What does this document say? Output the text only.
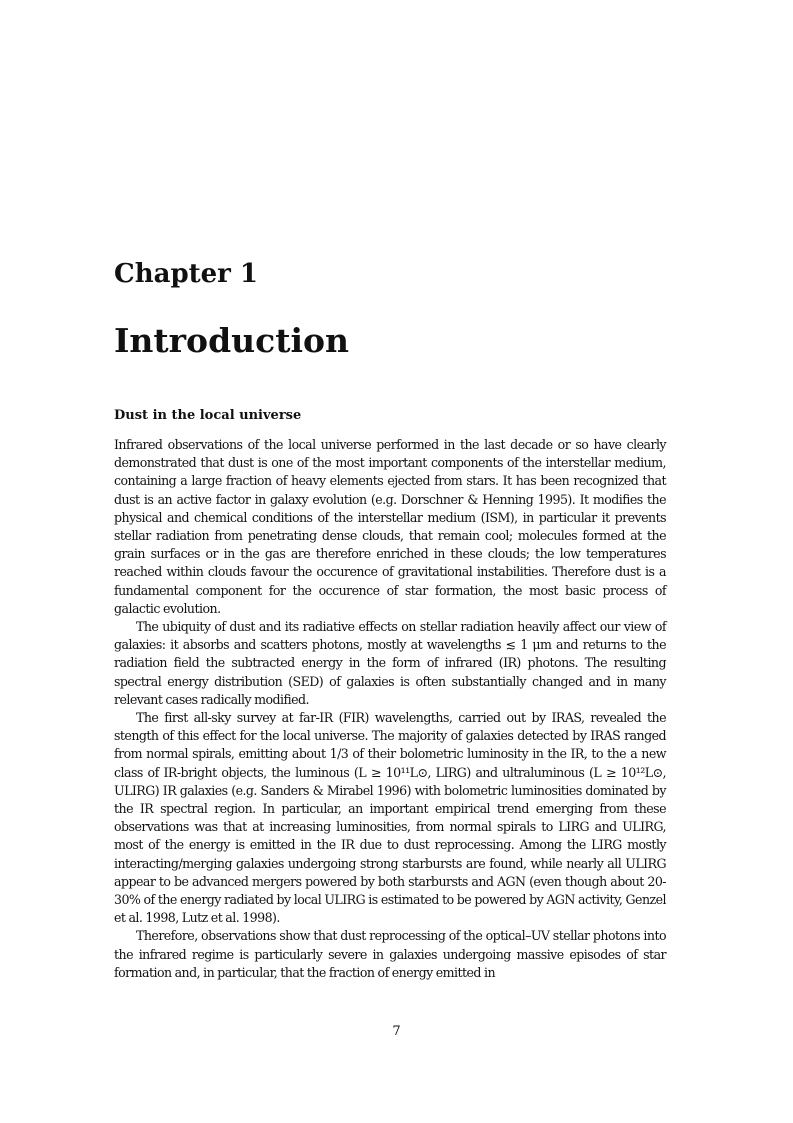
Chapter 1
Introduction
Dust in the local universe

Infrared observations of the local universe performed in the last decade or so have clearly demonstrated that dust is one of the most important components of the interstellar medium, containing a large fraction of heavy elements ejected from stars. It has been recognized that dust is an active factor in galaxy evolution (e.g. Dorschner & Henning 1995). It modifies the physical and chemical conditions of the interstellar medium (ISM), in particular it prevents stellar radiation from penetrating dense clouds, that remain cool; molecules formed at the grain surfaces or in the gas are therefore enriched in these clouds; the low temperatures reached within clouds favour the occurence of gravitational instabilities. Therefore dust is a fundamental component for the occurence of star formation, the most basic process of galactic evolution.

The ubiquity of dust and its radiative effects on stellar radiation heavily affect our view of galaxies: it absorbs and scatters photons, mostly at wavelengths ≲ 1 μm and returns to the radiation field the subtracted energy in the form of infrared (IR) photons. The resulting spectral energy distribution (SED) of galaxies is often substantially changed and in many relevant cases radically modified.

The first all-sky survey at far-IR (FIR) wavelengths, carried out by IRAS, revealed the stength of this effect for the local universe. The majority of galaxies detected by IRAS ranged from normal spirals, emitting about 1/3 of their bolometric luminosity in the IR, to the a new class of IR-bright objects, the luminous (L ≥ 10¹¹L⊙, LIRG) and ultraluminous (L ≥ 10¹²L⊙, ULIRG) IR galaxies (e.g. Sanders & Mirabel 1996) with bolometric luminosities dominated by the IR spectral region. In particular, an important empirical trend emerging from these observations was that at increasing luminosities, from normal spirals to LIRG and ULIRG, most of the energy is emitted in the IR due to dust reprocessing. Among the LIRG mostly interacting/merging galaxies undergoing strong starbursts are found, while nearly all ULIRG appear to be advanced mergers powered by both starbursts and AGN (even though about 20-30% of the energy radiated by local ULIRG is estimated to be powered by AGN activity, Genzel et al. 1998, Lutz et al. 1998).

Therefore, observations show that dust reprocessing of the optical–UV stellar photons into the infrared regime is particularly severe in galaxies undergoing massive episodes of star formation and, in particular, that the fraction of energy emitted in

7
